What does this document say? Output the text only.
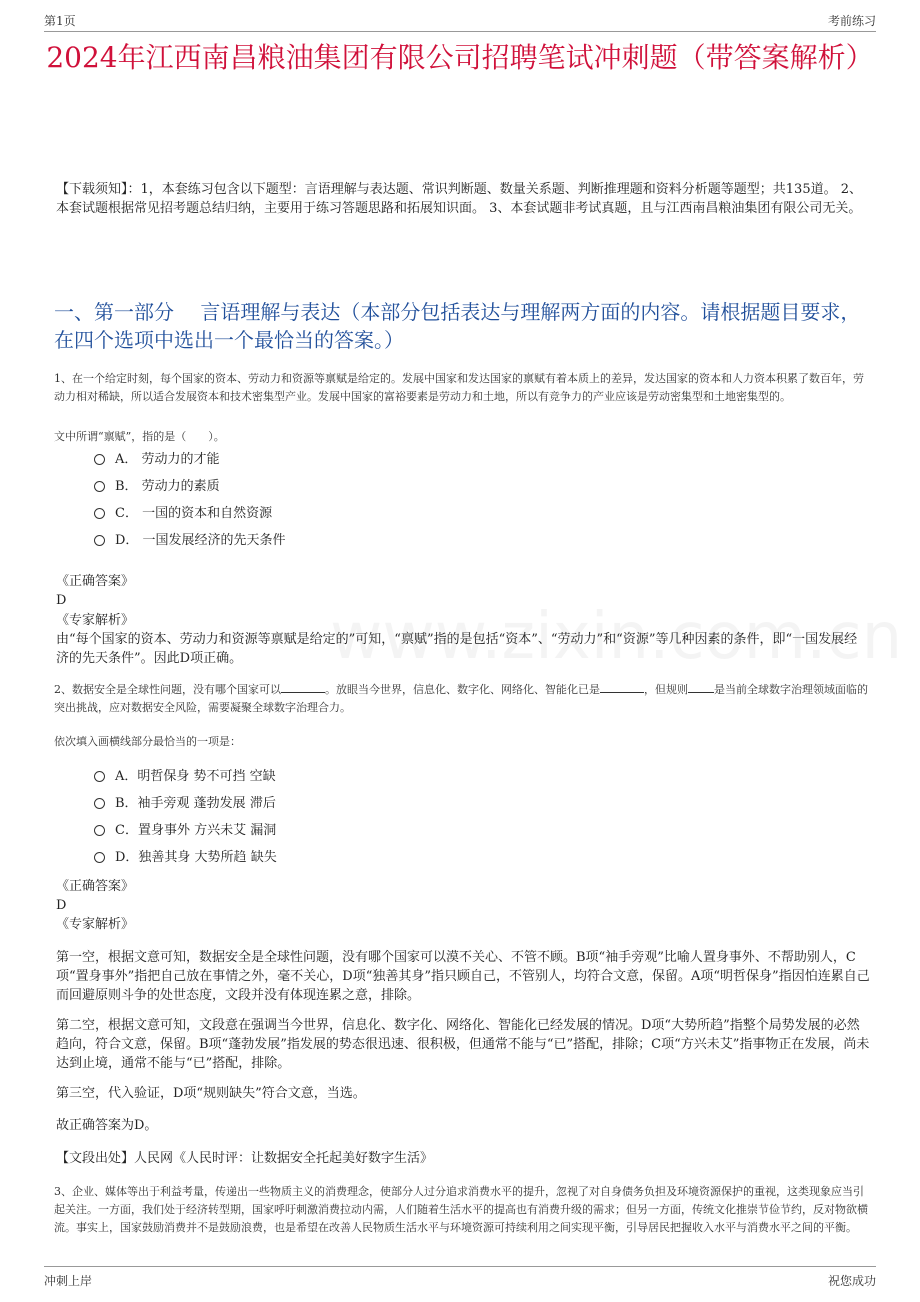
第1页	考前练习
2024年江西南昌粮油集团有限公司招聘笔试冲刺题（带答案解析）
【下载须知】：1，本套练习包含以下题型：言语理解与表达题、常识判断题、数量关系题、判断推理题和资料分析题等题型；共135道。 2、本套试题根据常见招考题总结归纳，主要用于练习答题思路和拓展知识面。 3、本套试题非考试真题，且与江西南昌粮油集团有限公司无关。
一、第一部分　 言语理解与表达（本部分包括表达与理解两方面的内容。请根据题目要求，在四个选项中选出一个最恰当的答案。）
1、在一个给定时刻，每个国家的资本、劳动力和资源等禀赋是给定的。发展中国家和发达国家的禀赋有着本质上的差异，发达国家的资本和人力资本积累了数百年，劳动力相对稀缺，所以适合发展资本和技术密集型产业。发展中国家的富裕要素是劳动力和土地，所以有竞争力的产业应该是劳动密集型和土地密集型的。
文中所谓“禀赋”，指的是（　　）。
A． 劳动力的才能
B． 劳动力的素质
C． 一国的资本和自然资源
D． 一国发展经济的先天条件
《正确答案》
D
《专家解析》
由“每个国家的资本、劳动力和资源等禀赋是给定的”可知，“禀赋”指的是包括“资本”、“劳动力”和“资源”等几种因素的条件，即“一国发展经济的先天条件”。因此D项正确。
2、数据安全是全球性问题，没有哪个国家可以	。放眼当今世界，信息化、数字化、网络化、智能化已是	，但规则 是当前全球数字治理领域面临的突出挑战，应对数据安全风险，需要凝聚全球数字治理合力。
依次填入画横线部分最恰当的一项是：
A．明哲保身 势不可挡 空缺
B．袖手旁观 蓬勃发展 滞后
C．置身事外 方兴未艾 漏洞
D．独善其身 大势所趋 缺失
《正确答案》
D
《专家解析》
第一空，根据文意可知，数据安全是全球性问题，没有哪个国家可以漠不关心、不管不顾。B项“袖手旁观”比喻人置身事外、不帮助别人，C项“置身事外”指把自己放在事情之外，毫不关心，D项“独善其身”指只顾自己，不管别人，均符合文意，保留。A项“明哲保身”指因怕连累自己而回避原则斗争的处世态度，文段并没有体现连累之意，排除。
第二空，根据文意可知，文段意在强调当今世界，信息化、数字化、网络化、智能化已经发展的情况。D项“大势所趋”指整个局势发展的必然趋向，符合文意，保留。B项“蓬勃发展”指发展的势态很迅速、很积极，但通常不能与“已”搭配，排除；C项“方兴未艾”指事物正在发展，尚未达到止境，通常不能与“已”搭配，排除。
第三空，代入验证，D项“规则缺失”符合文意，当选。
故正确答案为D。
【文段出处】人民网《人民时评：让数据安全托起美好数字生活》
3、企业、媒体等出于利益考量，传递出一些物质主义的消费理念，使部分人过分追求消费水平的提升，忽视了对自身债务负担及环境资源保护的重视，这类现象应当引起关注。一方面，我们处于经济转型期，国家呼吁刺激消费拉动内需，人们随着生活水平的提高也有消费升级的需求；但另一方面，传统文化推崇节俭节约，反对物欲横流。事实上，国家鼓励消费并不是鼓励浪费，也是希望在改善人民物质生活水平与环境资源可持续利用之间实现平衡，引导居民把握收入水平与消费水平之间的平衡。
冲刺上岸	祝您成功
